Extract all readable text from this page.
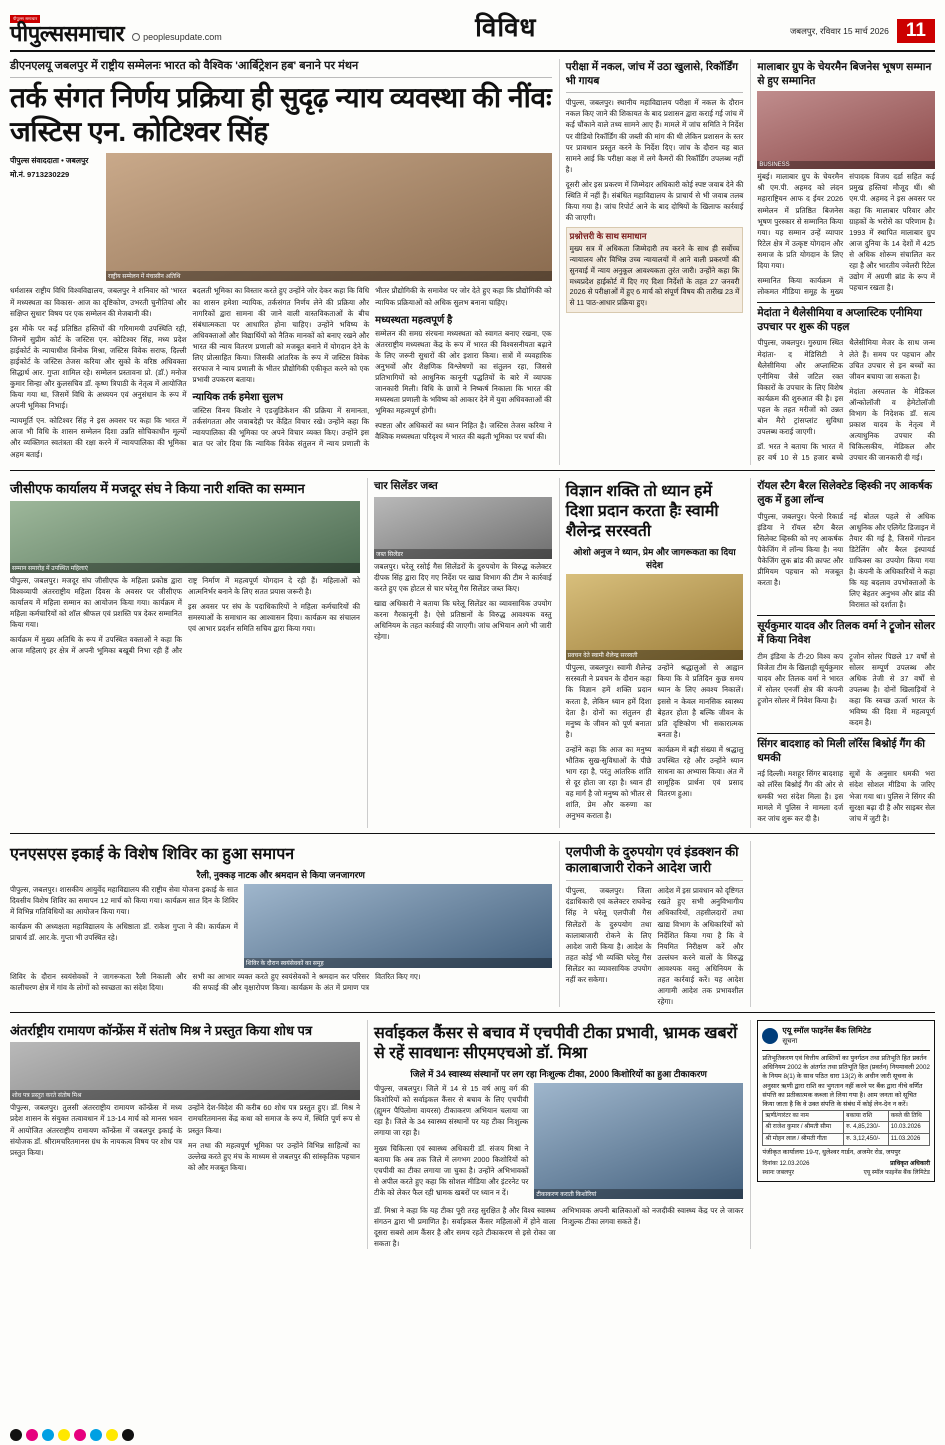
पीपुल्स समाचार
पीपुल्ससमाचार peoplesupdate.com	विविध	जबलपुर, रविवार 15 मार्च 2026 11
डीएनएलयू जबलपुर में राष्ट्रीय सम्मेलनः भारत को वैश्विक 'आर्बिट्रेशन हब' बनाने पर मंथन
तर्क संगत निर्णय प्रक्रिया ही सुदृढ़ न्याय व्यवस्था की नींवः जस्टिस एन. कोटिश्वर सिंह
पीपुल्स संवाददाता • जबलपुर
मो.नं. 9713230229
राष्ट्रीय सम्मेलन में मंचासीन अतिथि

धर्मशास्त्र राष्ट्रीय विधि विश्वविद्यालय, जबलपुर ने शनिवार को 'भारत में मध्यस्थता का विकास- आज का दृष्टिकोण, उभरती चुनौतियां और सक्षिप्त सुधार' विषय पर एक सम्मेलन की मेजबानी की।

इस मौके पर कई प्रतिष्ठित हस्तियों की गरिमामयी उपस्थिति रही, जिनमें सुप्रीम कोर्ट के जस्टिस एन. कोटिश्वर सिंह, मध्य प्रदेश हाईकोर्ट के न्यायाधीश विनोक मिश्रा, जस्टिस विवेक सराफ, दिल्ली हाईकोर्ट के जस्टिस तेजस करिया और सुको के वरिष्ठ अधिवक्ता सिद्धार्थ आर. गुप्ता शामिल रहे। सम्मेलन प्रस्तावना प्रो. (डॉ.) मनोज कुमार सिन्हा और कुलसचिव डॉ. कृष्ण त्रिपाठी के नेतृत्व में आयोजित किया गया था, जिसमें विधि के अध्ययन एवं अनुसंधान के रूप में अपनी भूमिका निभाई।

न्यायमूर्ति एन. कोटिश्वर सिंह ने इस अवसर पर कहा कि भारत में आज भी विधि के शासन सम्मेलन दिशा उन्नति सोचिकाधीन मूल्यों और व्यक्तिगत स्वतंत्रता की रक्षा करने में न्यायपालिका की भूमिका अहम बताई।

बदलती भूमिका का विस्तार करते हुए उन्होंने जोर देकर कहा कि विधि का शासन हमेशा न्यायिक, तर्कसंगत निर्णय लेने की प्रक्रिया और नागरिकों द्वारा सामना की जाने वाली वास्तविकताओं के बीच संबंधात्मकता पर आधारित होना चाहिए। उन्होंने भविष्य के अधिवक्ताओं और विद्यार्थियों को नैतिक मानकों को बनाए रखने और भारत की न्याय वितरण प्रणाली को मजबूत बनाने में योगदान देने के लिए प्रोत्साहित किया। जिसकी आंतरिक के रूप में जस्टिस विवेक सरफाज ने न्याय प्रणाली के भीतर प्रौद्योगिकी एकीकृत करने को एक प्रभावी उपकरण बताया।

न्यायिक तर्क हमेशा सुलभ

जस्टिस विनय किशोर ने एडजुडिकेशन की प्रक्रिया में समानता, तर्कसंगतता और जवाबदेही पर केंद्रित विचार रखे। उन्होंने कहा कि न्यायपालिका की भूमिका पर अपने विचार व्यक्त किए। उन्होंने इस बात पर जोर दिया कि न्यायिक विवेक संतुलन में न्याय प्रणाली के भीतर प्रौद्योगिकी के समावेश पर जोर देते हुए कहा कि प्रौद्योगिकी को न्यायिक प्रक्रियाओं को अधिक सुलभ बनाना चाहिए।

मध्यस्थता महत्वपूर्ण है

सम्मेलन की समग्र संरचना मध्यस्थता को स्वागत बनाए रखना, एक अंतरराष्ट्रीय मध्यस्थता केंद्र के रूप में भारत की विश्वसनीयता बढ़ाने के लिए जरूरी सुधारों की ओर इशारा किया। सत्रों में व्यवहारिक अनुभवों और शैक्षणिक विश्लेषणों का संतुलन रहा, जिससे प्रतिभागियों को आधुनिक कानूनी पद्धतियों के बारे में व्यापक जानकारी मिली। विधि के छात्रों ने निष्कर्ष निकाला कि भारत की मध्यस्थता प्रणाली के भविष्य को आकार देने में युवा अधिवक्ताओं की भूमिका महत्वपूर्ण होगी।

स्पष्टता और अधिकारों का ध्यान निहित है। जस्टिस तेजस करिया ने वैश्विक मध्यस्थता परिदृश्य में भारत की बढ़ती भूमिका पर चर्चा की।

परीक्षा में नकल, जांच में उठा खुलासे, रिकॉर्डिंग भी गायब

पीपुल्स, जबलपुर। स्थानीय महाविद्यालय परीक्षा में नकल के दौरान नकल किए जाने की शिकायत के बाद प्रशासन द्वारा कराई गई जांच में कई चौंकाने वाले तथ्य सामने आए हैं। मामले में जांच समिति ने निर्देश पर वीडियो रिकॉर्डिंग की जब्ती की मांग की थी लेकिन प्रशासन के स्तर पर प्रावधान प्रस्तुत करने के निर्देश दिए। जांच के दौरान यह बात सामने आई कि परीक्षा कक्ष में लगे कैमरों की रिकॉर्डिंग उपलब्ध नहीं है।

दूसरी ओर इस प्रकरण में जिम्मेदार अधिकारी कोई स्पष्ट जवाब देने की स्थिति में नहीं हैं। संबंधित महाविद्यालय के प्राचार्य से भी जवाब तलब किया गया है। जांच रिपोर्ट आने के बाद दोषियों के खिलाफ कार्रवाई की जाएगी।

प्रश्नोत्तरी के साथ समाधान
मुख्य सत्र में अधिकता जिम्मेदारी तय करने के साथ ही सर्वोच्च न्यायालय और विभिन्न उच्च न्यायालयों में आने वाली प्रकरणों की सुनवाई में न्याय अनुकूल आवश्यकता तुरंत जारी। उन्होंने कहा कि मध्यप्रदेश हाईकोर्ट में दिए गए दिशा निर्देशों के तहत 27 जनवरी 2026 से परीक्षाओं में हुए 6 मार्च को संपूर्ण विषय की तारीख 23 में से 11 पाठ-आधार प्रक्रिया हुए।
मालाबार ग्रुप के चेयरमैन बिजनेस भूषण सम्मान से हुए सम्मानित
BUSINESS

मुंबई। मालाबार ग्रुप के चेयरमैन श्री एम.पी. अहमद को लंदन महाराष्ट्रियन आफ द ईयर 2026 सम्मेलन में प्रतिष्ठित बिजनेस भूषण पुरस्कार से सम्मानित किया गया। यह सम्मान उन्हें व्यापार रिटेल क्षेत्र में उत्कृष्ट योगदान और समाज के प्रति योगदान के लिए दिया गया।

सम्मानित किया कार्यक्रम में लोकमत मीडिया समूह के मुख्य संपादक विजय दर्डा सहित कई प्रमुख हस्तियां मौजूद थीं। श्री एम.पी. अहमद ने इस अवसर पर कहा कि मालाबार परिवार और ग्राहकों के भरोसे का परिणाम है। 1993 में स्थापित मालाबार ग्रुप आज दुनिया के 14 देशों में 425 से अधिक शोरूम संचालित कर रहा है और भारतीय ज्वेलरी रिटेल उद्योग में अग्रणी ब्रांड के रूप में पहचान रखता है।

मेदांता ने थैलेसीमिया व अप्लास्टिक एनीमिया उपचार पर शुरू की पहल

पीपुल्स, जबलपुर। गुरुग्राम स्थित मेदांता- द मेडिसिटी ने थैलेसीमिया और अप्लास्टिक एनीमिया जैसे जटिल रक्त विकारों के उपचार के लिए विशेष कार्यक्रम की शुरुआत की है। इस पहल के तहत मरीजों को उन्नत बोन मैरो ट्रांसप्लांट सुविधा उपलब्ध कराई जाएगी।

डॉ. भरत ने बताया कि भारत में हर वर्ष 10 से 15 हजार बच्चे थैलेसीमिया मेजर के साथ जन्म लेते हैं। समय पर पहचान और उचित उपचार से इन बच्चों का जीवन बचाया जा सकता है।

मेदांता अस्पताल के मेडिकल ऑन्कोलॉजी व हेमेटोलॉजी विभाग के निदेशक डॉ. सत्य प्रकाश यादव के नेतृत्व में अत्याधुनिक उपचार की चिकित्सकीय, मेडिकल और उपचार की जानकारी दी गई।

जीसीएफ कार्यालय में मजदूर संघ ने किया नारी शक्ति का सम्मान
सम्मान समारोह में उपस्थित महिलाएं

पीपुल्स, जबलपुर। मजदूर संघ जीसीएफ के महिला प्रकोष्ठ द्वारा विश्वव्यापी अंतरराष्ट्रीय महिला दिवस के अवसर पर जीसीएफ कार्यालय में महिला सम्मान का आयोजन किया गया। कार्यक्रम में महिला कर्मचारियों को शॉल श्रीफल एवं प्रशस्ति पत्र देकर सम्मानित किया गया।

कार्यक्रम में मुख्य अतिथि के रूप में उपस्थित वक्ताओं ने कहा कि आज महिलाएं हर क्षेत्र में अपनी भूमिका बखूबी निभा रही हैं और राष्ट्र निर्माण में महत्वपूर्ण योगदान दे रही हैं। महिलाओं को आत्मनिर्भर बनाने के लिए सतत प्रयास जरूरी है।

इस अवसर पर संघ के पदाधिकारियों ने महिला कर्मचारियों की समस्याओं के समाधान का आश्वासन दिया। कार्यक्रम का संचालन एवं आभार प्रदर्शन समिति सचिव द्वारा किया गया।

चार सिलेंडर जब्त
जब्त सिलेंडर

जबलपुर। घरेलू रसोई गैस सिलेंडरों के दुरुपयोग के विरुद्ध कलेक्टर दीपक सिंह द्वारा दिए गए निर्देश पर खाद्य विभाग की टीम ने कार्रवाई करते हुए एक होटल से चार घरेलू गैस सिलेंडर जब्त किए।

खाद्य अधिकारी ने बताया कि घरेलू सिलेंडर का व्यावसायिक उपयोग करना गैरकानूनी है। ऐसे प्रतिष्ठानों के विरुद्ध आवश्यक वस्तु अधिनियम के तहत कार्रवाई की जाएगी। जांच अभियान आगे भी जारी रहेगा।

विज्ञान शक्ति तो ध्यान हमें दिशा प्रदान करता हैः स्वामी शैलेन्द्र सरस्वती
ओशो अनुज ने ध्यान, प्रेम और जागरूकता का दिया संदेश
प्रवचन देते स्वामी शैलेन्द्र सरस्वती

पीपुल्स, जबलपुर। स्वामी शैलेन्द्र सरस्वती ने प्रवचन के दौरान कहा कि विज्ञान हमें शक्ति प्रदान करता है, लेकिन ध्यान हमें दिशा देता है। दोनों का संतुलन ही मनुष्य के जीवन को पूर्ण बनाता है।

उन्होंने कहा कि आज का मनुष्य भौतिक सुख-सुविधाओं के पीछे भाग रहा है, परंतु आंतरिक शांति से दूर होता जा रहा है। ध्यान ही वह मार्ग है जो मनुष्य को भीतर से शांति, प्रेम और करुणा का अनुभव कराता है।

उन्होंने श्रद्धालुओं से आह्वान किया कि वे प्रतिदिन कुछ समय ध्यान के लिए अवश्य निकालें। इससे न केवल मानसिक स्वास्थ्य बेहतर होता है बल्कि जीवन के प्रति दृष्टिकोण भी सकारात्मक बनता है।

कार्यक्रम में बड़ी संख्या में श्रद्धालु उपस्थित रहे और उन्होंने ध्यान साधना का अभ्यास किया। अंत में सामूहिक प्रार्थना एवं प्रसाद वितरण हुआ।

रॉयल स्टैग बैरल सिलेक्टेड व्हिस्की नए आकर्षक लुक में हुआ लॉन्च

पीपुल्स, जबलपुर। पेरनो रिकार्ड इंडिया ने रॉयल स्टैग बैरल सिलेक्ट व्हिस्की को नए आकर्षक पैकेजिंग में लॉन्च किया है। नया पैकेजिंग लुक ब्रांड की क्राफ्ट और प्रीमियम पहचान को मजबूत करता है।

नई बोतल पहले से अधिक आधुनिक और एलिगेंट डिजाइन में तैयार की गई है, जिसमें गोल्डन डिटेलिंग और बैरल इंस्पायर्ड ग्राफिक्स का उपयोग किया गया है। कंपनी के अधिकारियों ने कहा कि यह बदलाव उपभोक्ताओं के लिए बेहतर अनुभव और ब्रांड की विरासत को दर्शाता है।

सूर्यकुमार यादव और तिलक वर्मा ने ट्रूजोन सोलर में किया निवेश

टीम इंडिया के टी-20 विश्व कप विजेता टीम के खिलाड़ी सूर्यकुमार यादव और तिलक वर्मा ने भारत में सोलर एनर्जी क्षेत्र की कंपनी ट्रूजोन सोलर में निवेश किया है।

ट्रूजोन सोलर पिछले 17 वर्षों से सोलर सम्पूर्ण उपलब्ध और अधिक तेजी से 37 वर्षों से उपलब्ध है। दोनों खिलाड़ियों ने कहा कि स्वच्छ ऊर्जा भारत के भविष्य की दिशा में महत्वपूर्ण कदम है।

सिंगर बादशाह को मिली लॉरेंस बिश्नोई गैंग की धमकी

नई दिल्ली। मशहूर सिंगर बादशाह को लॉरेंस बिश्नोई गैंग की ओर से धमकी भरा संदेश मिला है। इस मामले में पुलिस ने मामला दर्ज कर जांच शुरू कर दी है।

सूत्रों के अनुसार धमकी भरा संदेश सोशल मीडिया के जरिए भेजा गया था। पुलिस ने सिंगर की सुरक्षा बढ़ा दी है और साइबर सेल जांच में जुटी है।

एनएसएस इकाई के विशेष शिविर का हुआ समापन
रैली, नुक्कड़ नाटक और श्रमदान से किया जनजागरण

पीपुल्स, जबलपुर। शासकीय आयुर्वेद महाविद्यालय की राष्ट्रीय सेवा योजना इकाई के सात दिवसीय विशेष शिविर का समापन 12 मार्च को किया गया। कार्यक्रम सात दिन के शिविर में विभिन्न गतिविधियों का आयोजन किया गया।

कार्यक्रम की अध्यक्षता महाविद्यालय के अधिष्ठाता डॉ. राकेश गुप्ता ने की। कार्यक्रम में प्राचार्य डॉ. आर.के. गुप्ता भी उपस्थित रहे।

शिविर के दौरान स्वयंसेवकों का समूह

शिविर के दौरान स्वयंसेवकों ने जागरूकता रैली निकाली और कालीचरण क्षेत्र में गांव के लोगों को स्वच्छता का संदेश दिया।

सभी का आभार व्यक्त करते हुए स्वयंसेवकों ने श्रमदान कर परिसर की सफाई की और वृक्षारोपण किया। कार्यक्रम के अंत में प्रमाण पत्र वितरित किए गए।

एलपीजी के दुरुपयोग एवं इंडक्शन की कालाबाजारी रोकने आदेश जारी

पीपुल्स, जबलपुर। जिला दंडाधिकारी एवं कलेक्टर राघवेन्द्र सिंह ने घरेलू एलपीजी गैस सिलेंडरों के दुरुपयोग तथा कालाबाजारी रोकने के लिए आदेश जारी किया है। आदेश के तहत कोई भी व्यक्ति घरेलू गैस सिलेंडर का व्यावसायिक उपयोग नहीं कर सकेगा।

आदेश में इस प्रावधान को दृष्टिगत रखते हुए सभी अनुविभागीय अधिकारियों, तहसीलदारों तथा खाद्य विभाग के अधिकारियों को निर्देशित किया गया है कि वे नियमित निरीक्षण करें और उल्लंघन करने वालों के विरुद्ध आवश्यक वस्तु अधिनियम के तहत कार्रवाई करें। यह आदेश आगामी आदेश तक प्रभावशील रहेगा।

अंतर्राष्ट्रीय रामायण कॉन्फ्रेंस में संतोष मिश्र ने प्रस्तुत किया शोध पत्र
शोध पत्र प्रस्तुत करते संतोष मिश्र

पीपुल्स, जबलपुर। तुलसी अंतरराष्ट्रीय रामायण कॉन्फ्रेंस में मध्य प्रदेश शासन के संयुक्त तत्वावधान में 13-14 मार्च को मानस भवन में आयोजित अंतरराष्ट्रीय रामायण कॉन्फ्रेंस में जबलपुर इकाई के संयोजक डॉ. श्रीरामचरितमानस ग्रंथ के नायकत्व विषय पर शोध पत्र प्रस्तुत किया।

उन्होंने देश-विदेश की करीब 60 शोध पत्र प्रस्तुत हुए। डॉ. मिश्र ने रामचरितमानस केंद्र कथा को समाज के रूप में, स्थिति पूर्ण रूप से प्रस्तुत किया।

मन तथा की महत्वपूर्ण भूमिका पर उन्होंने विभिन्न साहित्यों का उल्लेख करते हुए मंच के माध्यम से जबलपुर की सांस्कृतिक पहचान को और मजबूत किया।

सर्वाइकल कैंसर से बचाव में एचपीवी टीका प्रभावी, भ्रामक खबरों से रहें सावधानः सीएमएचओ डॉ. मिश्रा
जिले में 34 स्वास्थ्य संस्थानों पर लग रहा निःशुल्क टीका, 2000 किशोरियों का हुआ टीकाकरण

पीपुल्स, जबलपुर। जिले में 14 से 15 वर्ष आयु वर्ग की किशोरियों को सर्वाइकल कैंसर से बचाव के लिए एचपीवी (ह्यूमन पैपिलोमा वायरस) टीकाकरण अभियान चलाया जा रहा है। जिले के 34 स्वास्थ्य संस्थानों पर यह टीका निःशुल्क लगाया जा रहा है।

मुख्य चिकित्सा एवं स्वास्थ्य अधिकारी डॉ. संजय मिश्रा ने बताया कि अब तक जिले में लगभग 2000 किशोरियों को एचपीवी का टीका लगाया जा चुका है। उन्होंने अभिभावकों से अपील करते हुए कहा कि सोशल मीडिया और इंटरनेट पर टीके को लेकर फैल रही भ्रामक खबरों पर ध्यान न दें।	टीकाकरण कराती किशोरियां

डॉ. मिश्रा ने कहा कि यह टीका पूरी तरह सुरक्षित है और विश्व स्वास्थ्य संगठन द्वारा भी प्रमाणित है। सर्वाइकल कैंसर महिलाओं में होने वाला दूसरा सबसे आम कैंसर है और समय रहते टीकाकरण से इसे रोका जा सकता है।

अभिभावक अपनी बालिकाओं को नजदीकी स्वास्थ्य केंद्र पर ले जाकर निःशुल्क टीका लगवा सकते हैं।

एयू स्मॉल फाइनेंस बैंक लिमिटेड
सूचना
प्रतिभूतिकरण एवं वित्तीय आस्तियों का पुनर्गठन तथा प्रतिभूति हित प्रवर्तन अधिनियम 2002 के अंतर्गत तथा प्रतिभूति हित (प्रवर्तन) नियमावली 2002 के नियम 8(1) के साथ पठित धारा 13(2) के अधीन जारी सूचना के अनुसार ऋणी द्वारा राशि का भुगतान नहीं करने पर बैंक द्वारा नीचे वर्णित संपत्ति का प्रतीकात्मक कब्जा ले लिया गया है। आम जनता को सूचित किया जाता है कि वे उक्त संपत्ति के संबंध में कोई लेन-देन न करें।
ऋणी/गारंटर का नाम	बकाया राशि	कब्जे की तिथि
श्री राजेश कुमार / श्रीमती सीमा	रु. 4,85,230/-	10.03.2026
श्री मोहन लाल / श्रीमती गीता	रु. 3,12,450/-	11.03.2026
पंजीकृत कार्यालयः 19-ए, धुलेश्वर गार्डन, अजमेर रोड, जयपुर
दिनांकः 12.03.2026
स्थानः जबलपुर
प्राधिकृत अधिकारी
एयू स्मॉल फाइनेंस बैंक लिमिटेड
